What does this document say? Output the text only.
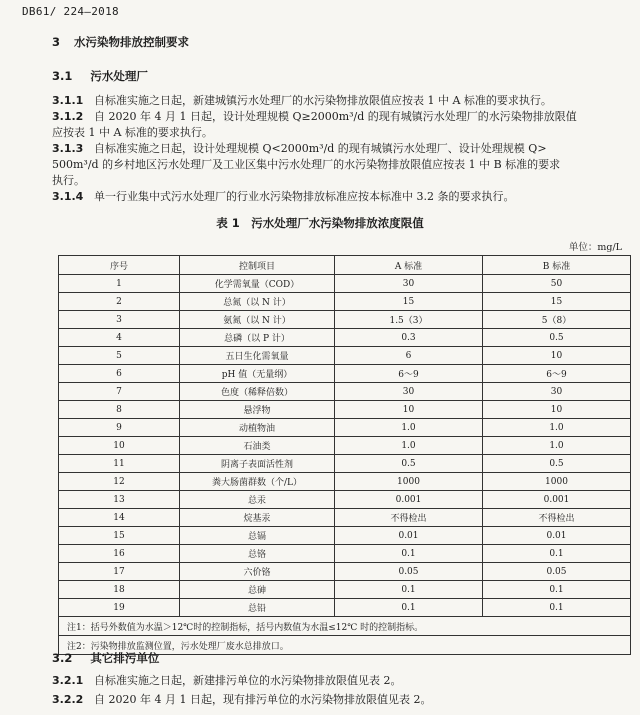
DB61/ 224—2018
3 水污染物排放控制要求
3.1 污水处理厂
3.1.1 自标准实施之日起，新建城镇污水处理厂的水污染物排放限值应按表 1 中 A 标准的要求执行。
3.1.2 自 2020 年 4 月 1 日起，设计处理规模 Q≥2000m³/d 的现有城镇污水处理厂的水污染物排放限值
应按表 1 中 A 标准的要求执行。
3.1.3 自标准实施之日起，设计处理规模 Q<2000m³/d 的现有城镇污水处理厂、设计处理规模 Q>
500m³/d 的乡村地区污水处理厂及工业区集中污水处理厂的水污染物排放限值应按表 1 中 B 标准的要求
执行。
3.1.4 单一行业集中式污水处理厂的行业水污染物排放标准应按本标准中 3.2 条的要求执行。
表 1　污水处理厂水污染物排放浓度限值
单位：mg/L
序号	控制项目	A 标准	B 标准
1	化学需氧量（COD）	30	50
2	总氮（以 N 计）	15	15
3	氨氮（以 N 计）	1.5（3）	5（8）
4	总磷（以 P 计）	0.3	0.5
5	五日生化需氧量	6	10
6	pH 值（无量纲）	6～9	6～9
7	色度（稀释倍数）	30	30
8	悬浮物	10	10
9	动植物油	1.0	1.0
10	石油类	1.0	1.0
11	阴离子表面活性剂	0.5	0.5
12	粪大肠菌群数（个/L）	1000	1000
13	总汞	0.001	0.001
14	烷基汞	不得检出	不得检出
15	总镉	0.01	0.01
16	总铬	0.1	0.1
17	六价铬	0.05	0.05
18	总砷	0.1	0.1
19	总铅	0.1	0.1
注1：括号外数值为水温＞12℃时的控制指标，括号内数值为水温≤12℃ 时的控制指标。			
注2：污染物排放监测位置，污水处理厂废水总排放口。			
3.2 其它排污单位
3.2.1 自标准实施之日起，新建排污单位的水污染物排放限值见表 2。
3.2.2 自 2020 年 4 月 1 日起，现有排污单位的水污染物排放限值见表 2。
